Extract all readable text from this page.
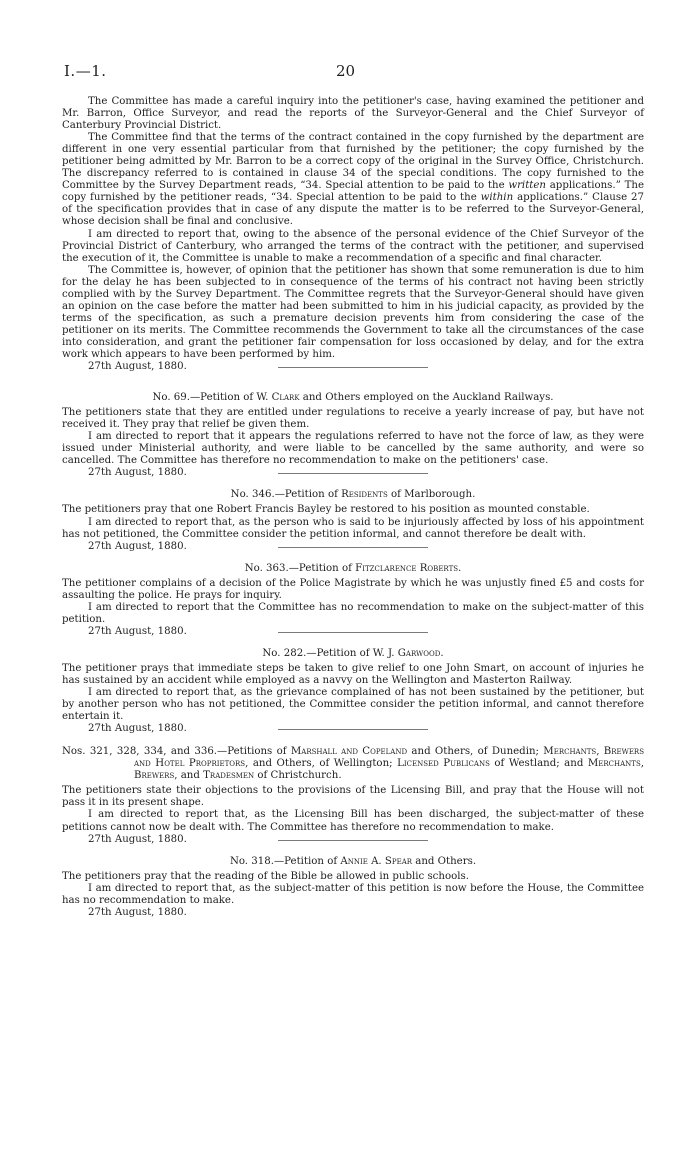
I.—1.	20

The Committee has made a careful inquiry into the petitioner's case, having examined the petitioner and Mr. Barron, Office Surveyor, and read the reports of the Surveyor-General and the Chief Surveyor of Canterbury Provincial District.

The Committee find that the terms of the contract contained in the copy furnished by the department are different in one very essential particular from that furnished by the petitioner; the copy furnished by the petitioner being admitted by Mr. Barron to be a correct copy of the original in the Survey Office, Christchurch. The discrepancy referred to is contained in clause 34 of the special conditions. The copy furnished to the Committee by the Survey Department reads, “34. Special attention to be paid to the written applications.” The copy furnished by the petitioner reads, “34. Special attention to be paid to the within applications.” Clause 27 of the specification provides that in case of any dispute the matter is to be referred to the Surveyor-General, whose decision shall be final and conclusive.

I am directed to report that, owing to the absence of the personal evidence of the Chief Surveyor of the Provincial District of Canterbury, who arranged the terms of the contract with the petitioner, and supervised the execution of it, the Committee is unable to make a recommendation of a specific and final character.

The Committee is, however, of opinion that the petitioner has shown that some remuneration is due to him for the delay he has been subjected to in consequence of the terms of his contract not having been strictly complied with by the Survey Department. The Committee regrets that the Surveyor-General should have given an opinion on the case before the matter had been submitted to him in his judicial capacity, as provided by the terms of the specification, as such a premature decision prevents him from considering the case of the petitioner on its merits. The Committee recommends the Government to take all the circumstances of the case into consideration, and grant the petitioner fair compensation for loss occasioned by delay, and for the extra work which appears to have been performed by him.

27th August, 1880.

No. 69.—Petition of W. Clark and Others employed on the Auckland Railways.

The petitioners state that they are entitled under regulations to receive a yearly increase of pay, but have not received it. They pray that relief be given them.

I am directed to report that it appears the regulations referred to have not the force of law, as they were issued under Ministerial authority, and were liable to be cancelled by the same authority, and were so cancelled. The Committee has therefore no recommendation to make on the petitioners' case.

27th August, 1880.

No. 346.—Petition of Residents of Marlborough.

The petitioners pray that one Robert Francis Bayley be restored to his position as mounted constable.

I am directed to report that, as the person who is said to be injuriously affected by loss of his appointment has not petitioned, the Committee consider the petition informal, and cannot therefore be dealt with.

27th August, 1880.

No. 363.—Petition of Fitzclarence Roberts.

The petitioner complains of a decision of the Police Magistrate by which he was unjustly fined £5 and costs for assaulting the police. He prays for inquiry.

I am directed to report that the Committee has no recommendation to make on the subject-matter of this petition.

27th August, 1880.

No. 282.—Petition of W. J. Garwood.

The petitioner prays that immediate steps be taken to give relief to one John Smart, on account of injuries he has sustained by an accident while employed as a navvy on the Wellington and Masterton Railway.

I am directed to report that, as the grievance complained of has not been sustained by the petitioner, but by another person who has not petitioned, the Committee consider the petition informal, and cannot therefore entertain it.

27th August, 1880.

Nos. 321, 328, 334, and 336.—Petitions of Marshall and Copeland and Others, of Dunedin; Merchants, Brewers and Hotel Proprietors, and Others, of Wellington; Licensed Publicans of Westland; and Merchants, Brewers, and Tradesmen of Christchurch.

The petitioners state their objections to the provisions of the Licensing Bill, and pray that the House will not pass it in its present shape.

I am directed to report that, as the Licensing Bill has been discharged, the subject-matter of these petitions cannot now be dealt with. The Committee has therefore no recommendation to make.

27th August, 1880.

No. 318.—Petition of Annie A. Spear and Others.

The petitioners pray that the reading of the Bible be allowed in public schools.

I am directed to report that, as the subject-matter of this petition is now before the House, the Committee has no recommendation to make.

27th August, 1880.
